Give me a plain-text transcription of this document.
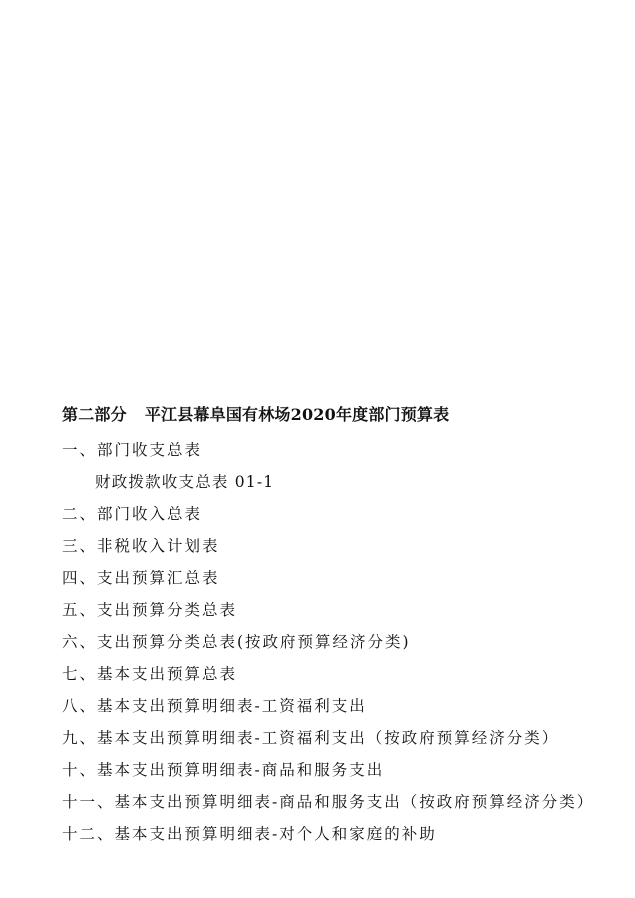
第二部分 平江县幕阜国有林场2020年度部门预算表
一、部门收支总表
财政拨款收支总表 01-1
二、部门收入总表
三、非税收入计划表
四、支出预算汇总表
五、支出预算分类总表
六、支出预算分类总表(按政府预算经济分类)
七、基本支出预算总表
八、基本支出预算明细表-工资福利支出
九、基本支出预算明细表-工资福利支出（按政府预算经济分类）
十、基本支出预算明细表-商品和服务支出
十一、基本支出预算明细表-商品和服务支出（按政府预算经济分类）
十二、基本支出预算明细表-对个人和家庭的补助
